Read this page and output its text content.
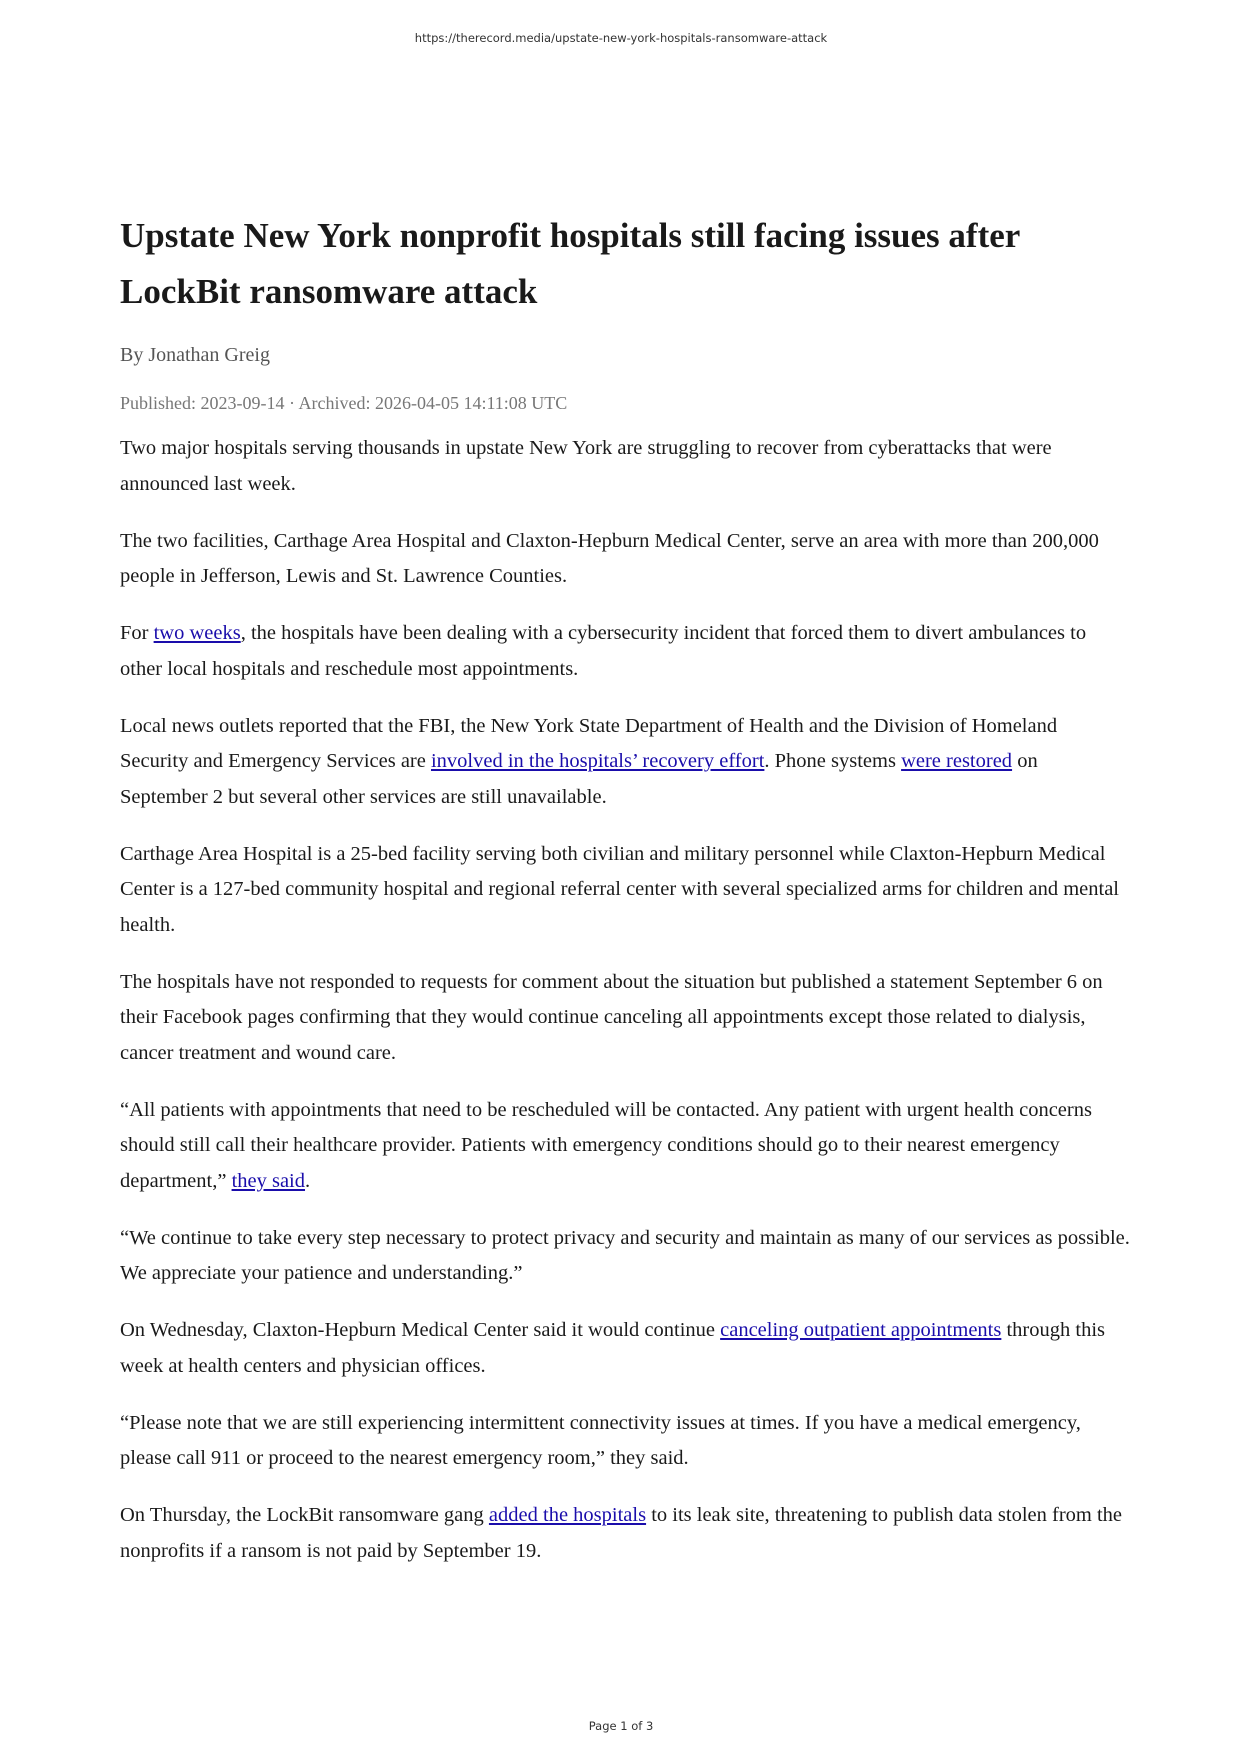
https://therecord.media/upstate-new-york-hospitals-ransomware-attack
Upstate New York nonprofit hospitals still facing issues after LockBit ransomware attack
By Jonathan Greig
Published: 2023-09-14 · Archived: 2026-04-05 14:11:08 UTC

Two major hospitals serving thousands in upstate New York are struggling to recover from cyberattacks that were announced last week.

The two facilities, Carthage Area Hospital and Claxton-Hepburn Medical Center, serve an area with more than 200,000 people in Jefferson, Lewis and St. Lawrence Counties.

For two weeks, the hospitals have been dealing with a cybersecurity incident that forced them to divert ambulances to other local hospitals and reschedule most appointments.

Local news outlets reported that the FBI, the New York State Department of Health and the Division of Homeland Security and Emergency Services are involved in the hospitals’ recovery effort. Phone systems were restored on September 2 but several other services are still unavailable.

Carthage Area Hospital is a 25-bed facility serving both civilian and military personnel while Claxton-Hepburn Medical Center is a 127-bed community hospital and regional referral center with several specialized arms for children and mental health.

The hospitals have not responded to requests for comment about the situation but published a statement September 6 on their Facebook pages confirming that they would continue canceling all appointments except those related to dialysis, cancer treatment and wound care.

“All patients with appointments that need to be rescheduled will be contacted. Any patient with urgent health concerns should still call their healthcare provider. Patients with emergency conditions should go to their nearest emergency department,” they said.

“We continue to take every step necessary to protect privacy and security and maintain as many of our services as possible. We appreciate your patience and understanding.”

On Wednesday, Claxton-Hepburn Medical Center said it would continue canceling outpatient appointments through this week at health centers and physician offices.

“Please note that we are still experiencing intermittent connectivity issues at times. If you have a medical emergency, please call 911 or proceed to the nearest emergency room,” they said.

On Thursday, the LockBit ransomware gang added the hospitals to its leak site, threatening to publish data stolen from the nonprofits if a ransom is not paid by September 19.

Page 1 of 3
